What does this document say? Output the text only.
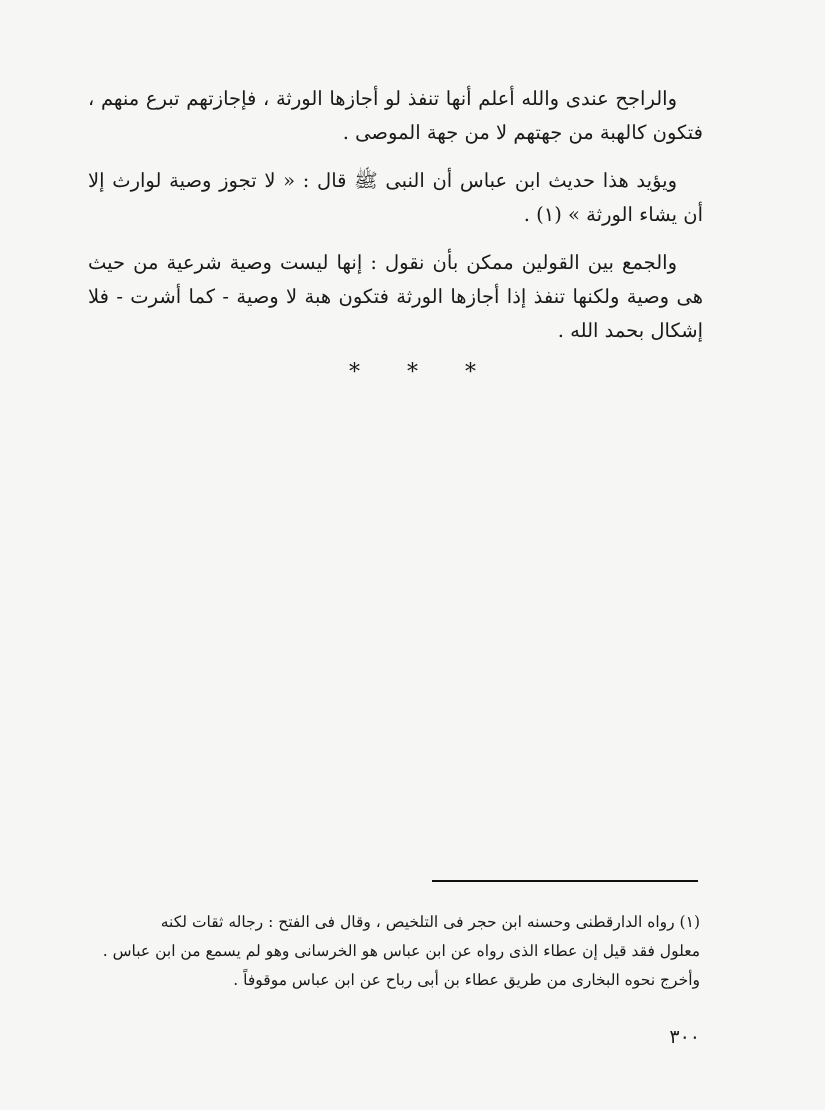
والراجح عندى والله أعلم أنها تنفذ لو أجازها الورثة ، فإجازتهم تبرع منهم ، فتكون كالهبة من جهتهم لا من جهة الموصى .

ويؤيد هذا حديث ابن عباس أن النبى ﷺ قال : « لا تجوز وصية لوارث إلا أن يشاء الورثة » (١) .

والجمع بين القولين ممكن بأن نقول : إنها ليست وصية شرعية من حيث هى وصية ولكنها تنفذ إذا أجازها الورثة فتكون هبة لا وصية - كما أشرت - فلا إشكال بحمد الله .

* * *

(١) رواه الدارقطنى وحسنه ابن حجر فى التلخيص ، وقال فى الفتح : رجاله ثقات لكنه

معلول فقد قيل إن عطاء الذى رواه عن ابن عباس هو الخرسانى وهو لم يسمع من ابن عباس .

وأخرج نحوه البخارى من طريق عطاء بن أبى رباح عن ابن عباس موقوفاً .

٣٠٠
